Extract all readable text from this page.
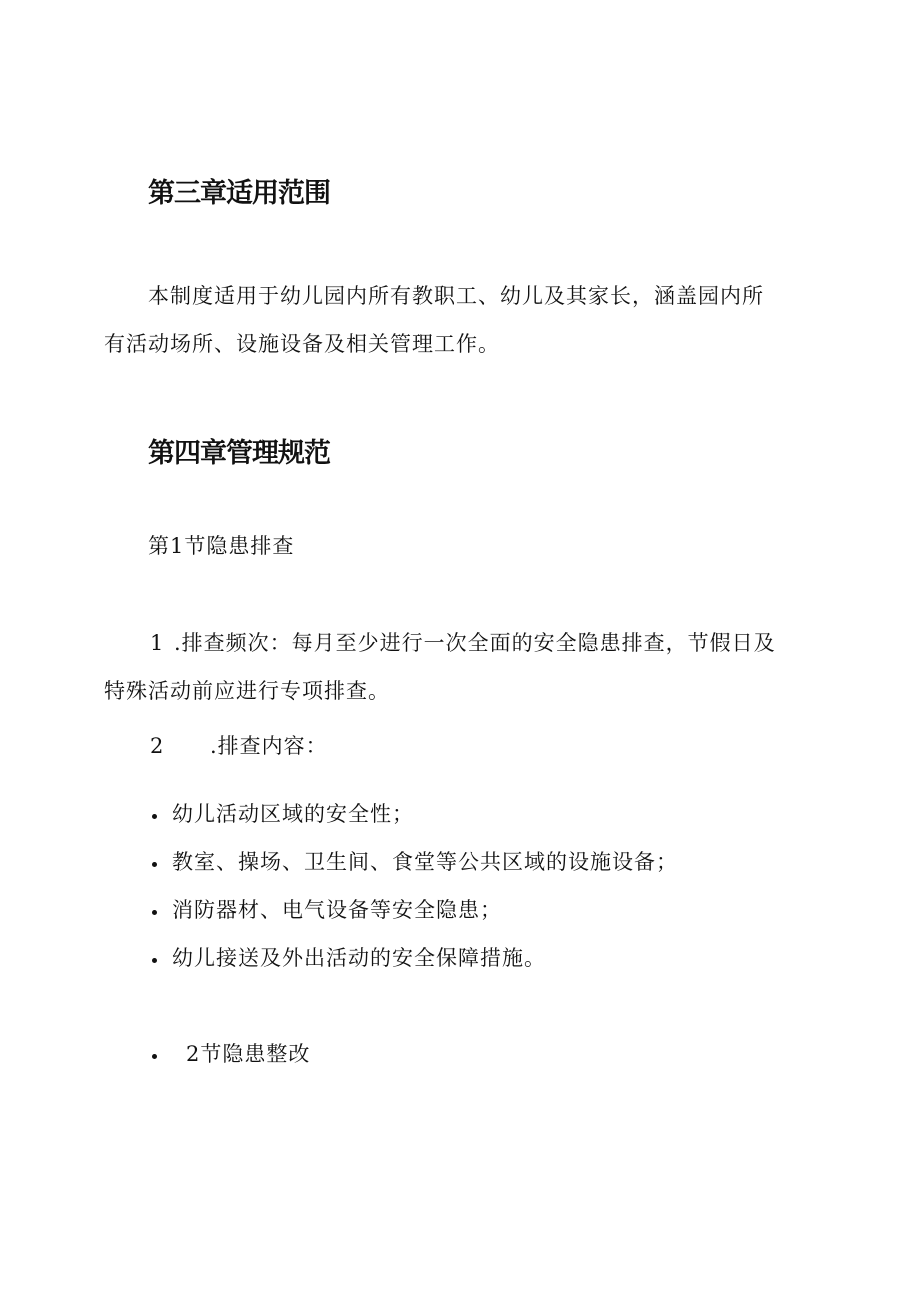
第三章适用范围
本制度适用于幼儿园内所有教职工、幼儿及其家长，涵盖园内所
有活动场所、设施设备及相关管理工作。
第四章管理规范
第1节隐患排查
1 .排查频次：每月至少进行一次全面的安全隐患排查，节假日及
特殊活动前应进行专项排查。
2 .排查内容：
幼儿活动区域的安全性；
教室、操场、卫生间、食堂等公共区域的设施设备；
消防器材、电气设备等安全隐患；
幼儿接送及外出活动的安全保障措施。
2节隐患整改
